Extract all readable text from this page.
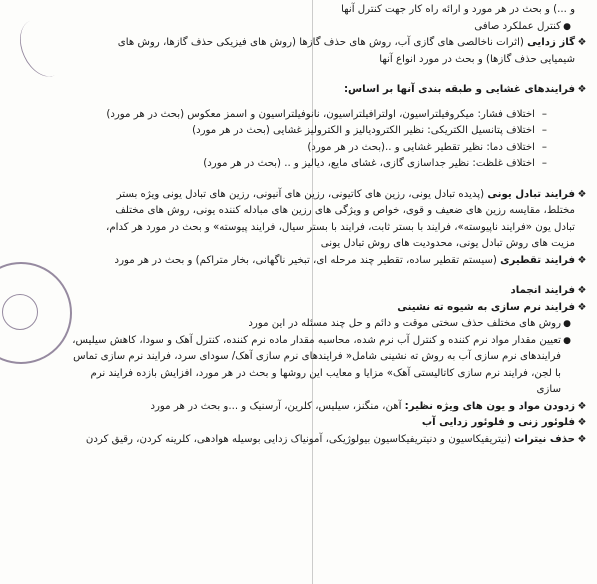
و ...) و بحث در هر مورد و ارائه راه کار جهت کنترل آنها
●کنترل عملکرد صافی
❖گاز زدایی (اثرات ناخالصی های گازی آب، روش های حذف گازها (روش های فیزیکی حذف گازها، روش های
شیمیایی حذف گازها) و بحث در مورد انواع آنها
❖فرایندهای غشایی و طبقه بندی آنها بر اساس:
–اختلاف فشار: میکروفیلتراسیون، اولترافیلتراسیون، نانوفیلتراسیون و اسمز معکوس (بحث در هر مورد)
–اختلاف پتانسیل الکتریکی: نظیر الکترودیالیز و الکترولیز غشایی (بحث در هر مورد)
–اختلاف دما: نظیر تقطیر غشایی و ..(بحث در هر مورد)
–اختلاف غلظت: نظیر جداسازی گازی، غشای مایع، دیالیز و .. (بحث در هر مورد)
❖فرایند تبادل یونی (پدیده تبادل یونی، رزین های کاتیونی، رزین های آنیونی، رزین های تبادل یونی ویژه بستر
مختلط، مقایسه رزین های ضعیف و قوی، خواص و ویژگی های رزین های مبادله کننده یونی، روش های مختلف
تبادل یون «فرایند ناپیوسته»، فرایند با بستر ثابت، فرایند با بستر سیال، فرایند پیوسته» و بحث در مورد هر کدام،
مزیت های روش تبادل یونی، محدودیت های روش تبادل یونی
❖فرایند تقطیری (سیستم تقطیر ساده، تقطیر چند مرحله ای، تبخیر ناگهانی، بخار متراکم) و بحث در هر مورد
❖فرایند انجماد
❖فرایند نرم سازی به شیوه ته نشینی
●روش های مختلف حذف سختی موقت و دائم و حل چند مسئله در این مورد
●تعیین مقدار مواد نرم کننده و کنترل آب نرم شده، محاسبه مقدار ماده نرم کننده، کنترل آهک و سودا، کاهش سیلیس،
فرایندهای نرم سازی آب به روش ته نشینی شامل« فرایندهای نرم سازی آهک/ سودای سرد، فرایند نرم سازی تماس
با لجن، فرایند نرم سازی کاتالیستی آهک» مزایا و معایب این روشها و بحث در هر مورد، افزایش بازده فرایند نرم
سازی
❖زدودن مواد و یون های ویژه نظیر: آهن، منگنز، سیلیس، کلرین، آرسنیک و ...و بحث در هر مورد
❖فلوئور زنی و فلوئور زدایی آب
❖حذف نیترات (نیتریفیکاسیون و دنیتریفیکاسیون بیولوژیکی، آمونیاک زدایی بوسیله هوادهی، کلرینه کردن، رقیق کردن
